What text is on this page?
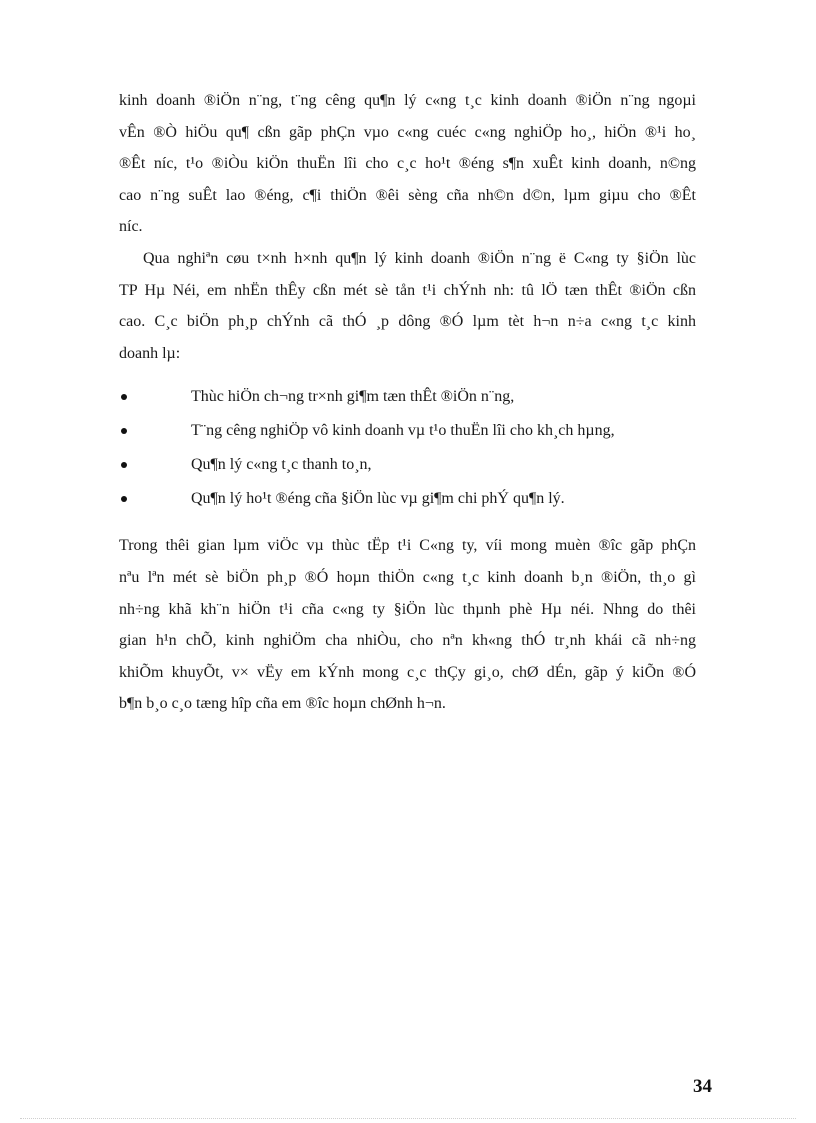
kinh doanh ®iÖn n¨ng, t¨ng cêng qu¶n lý c«ng t¸c kinh doanh ®iÖn n¨ng ngoµi
vÊn ®Ò hiÖu qu¶ cßn gãp phÇn vµo c«ng cuéc c«ng nghiÖp ho¸, hiÖn ®¹i ho¸
®Êt níc, t¹o ®iÒu kiÖn thuËn lîi cho c¸c ho¹t ®éng s¶n xuÊt kinh doanh, n©ng
cao n¨ng suÊt lao ®éng, c¶i thiÖn ®êi sèng cña nh©n d©n, lµm giµu cho ®Êt
níc.

Qua nghiªn cøu t×nh h×nh qu¶n lý kinh doanh ®iÖn n¨ng ë C«ng ty §iÖn lùc
TP Hµ Néi, em nhËn thÊy cßn mét sè tån t¹i chÝnh nh: tû lÖ tæn thÊt ®iÖn cßn
cao. C¸c biÖn ph¸p chÝnh cã thÓ ¸p dông ®Ó lµm tèt h¬n n÷a c«ng t¸c kinh
doanh lµ:

Thùc hiÖn ch¬ng tr×nh gi¶m tæn thÊt ®iÖn n¨ng,
T¨ng cêng nghiÖp vô kinh doanh vµ t¹o thuËn lîi cho kh¸ch hµng,
Qu¶n lý c«ng t¸c thanh to¸n,
Qu¶n lý ho¹t ®éng cña §iÖn lùc vµ gi¶m chi phÝ qu¶n lý.

Trong thêi gian lµm viÖc vµ thùc tËp t¹i C«ng ty, víi mong muèn ®îc gãp phÇn
nªu lªn mét sè biÖn ph¸p ®Ó hoµn thiÖn c«ng t¸c kinh doanh b¸n ®iÖn, th¸o gì
nh÷ng khã kh¨n hiÖn t¹i cña c«ng ty §iÖn lùc thµnh phè Hµ néi. Nhng do thêi
gian h¹n chÕ, kinh nghiÖm cha nhiÒu, cho nªn kh«ng thÓ tr¸nh khái cã nh÷ng
khiÕm khuyÕt, v× vËy em kÝnh mong c¸c thÇy gi¸o, chØ dÉn, gãp ý kiÕn ®Ó
b¶n b¸o c¸o tæng hîp cña em ®îc hoµn chØnh h¬n.

34
